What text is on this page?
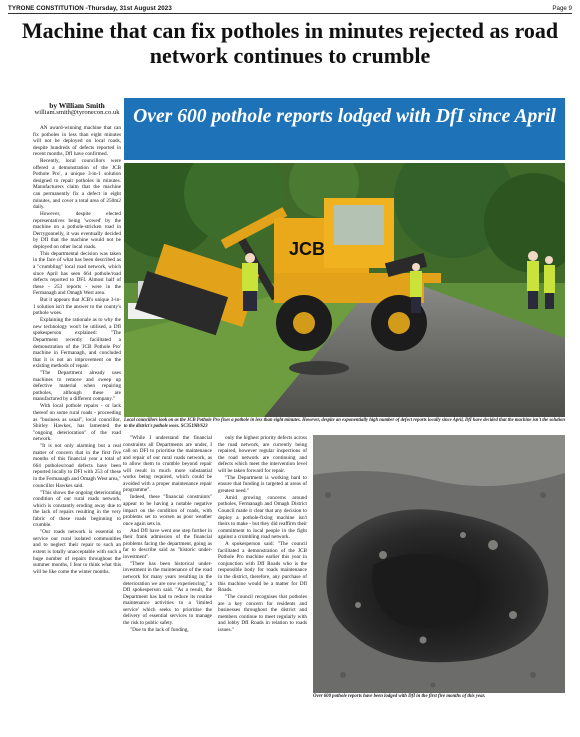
TYRONE CONSTITUTION -Thursday, 31st August 2023	Page 9
Machine that can fix potholes in minutes rejected as road network continues to crumble
by William Smith
william.smith@tyronecon.co.uk Over 600 pothole reports lodged with DfI since April

AN award-winning machine that can fix potholes in less than eight minutes will not be deployed on local roads, despite hundreds of defects reported in recent months, DfI have confirmed.

Recently, local councillors were offered a demonstration of the JCB Pothole Pro', a unique 3-in-1 solution designed to repair potholes in minutes. Manufacturers claim that the machine can permanently fix a defect in eight minutes, and cover a total area of 250m2 daily.

However, despite elected representatives being 'wowed' by the machine on a pothole-stricken road in Derrygonnelly, it was eventually decided by DfI that the machine would not be deployed on other local roads.

This departmental decision was taken in the face of what has been described as a "crumbling" local road network, which since April has seen 664 pothole/road defects reported to DFI. Almost half of these - 253 reports - were in the Fermanagh and Omagh West area.

But it appears that JCB's unique 3-in-1 solution isn't the answer to the county's pothole woes.

Explaining the rationale as to why the new technology won't be utilised, a DfI spokesperson explained: "The Department recently facilitated a demonstration of the 'JCB Pothole Pro' machine in Fermanagh, and concluded that it is not an improvement on the existing methods of repair.

"The Department already uses machines to remove and sweep up defective material when repairing potholes, although these are manufactured by a different company."

With local pothole repairs - or lack thereof on some rural roads - proceeding as "business as usual", local councillor, Shirley Hawkes, has lamented the "ongoing deterioration" of the road network.

"It is not only alarming but a real matter of concern that in the first five months of this financial year a total of 664 potholes/road defects have been reported locally to DFI with 253 of these in the Fermanagh and Omagh West area," councillor Hawkes said.

"This shows the ongoing deteriorating condition of our rural roads network, which is constantly eroding away due to the lack of repairs resulting in the very fabric of these roads beginning to crumble.

"Our roads network is essential to service our rural isolated communities and to neglect their repair to such an extent is totally unacceptable with such a huge number of repairs throughout the summer months, I fear to think what this will be like come the winter months.

JCB
Local councillors look on as the JCB Pothole Pro fixes a pothole in less than eight minutes. However, despite an exponentially high number of defect reports locally since April, DfI have decided that the machine isn't the solution to the district's pothole woes. SC3519B/S23

"While I understand the financial constraints all Departments are under, I call on DFI to prioritise the maintenance and repair of our rural roads network, as to allow them to crumble beyond repair will result in much more substantial works being required, which could be avoided with a proper maintenance repair programme".

Indeed, these "financial constraints" appear to be having a notable negative impact on the condition of roads, with problems set to worsen as poor weather once again sets in.

And DfI have went one step further in their frank admission of the financial problems facing the department, going as far to describe said as "historic under-investment".

"There has been historical under-investment in the maintenance of the road network for many years resulting in the deterioration we are now experiencing," a DfI spokesperson said. "As a result, the Department has had to reduce its routine maintenance activities to a 'limited service' which seeks to prioritise the delivery of essential services to manage the risk to public safety.

"Due to the lack of funding,

only the highest priority defects across the road network, are currently being repaired, however regular inspections of the road network are continuing and defects which meet the intervention level will be taken forward for repair.

"The Department is working hard to ensure that funding is targeted at areas of greatest need."

Amid growing concerns around potholes, Fermanagh and Omagh District Council made it clear that any decision to deploy a pothole-fixing machine isn't theirs to make - but they did reaffirm their commitment to local people in the fight against a crumbling road network.

A spokesperson said: "The council facilitated a demonstration of the JCB Pothole Pro machine earlier this year in conjunction with DfI Roads who is the responsible body for roads maintenance in the district, therefore, any purchase of this machine would be a matter for DfI Roads.

"The council recognises that potholes are a key concern for residents and businesses throughout the district and members continue to meet regularly with and lobby DfI Roads in relation to roads issues."

Over 600 pothole reports have been lodged with DfI in the first five months of this year.
